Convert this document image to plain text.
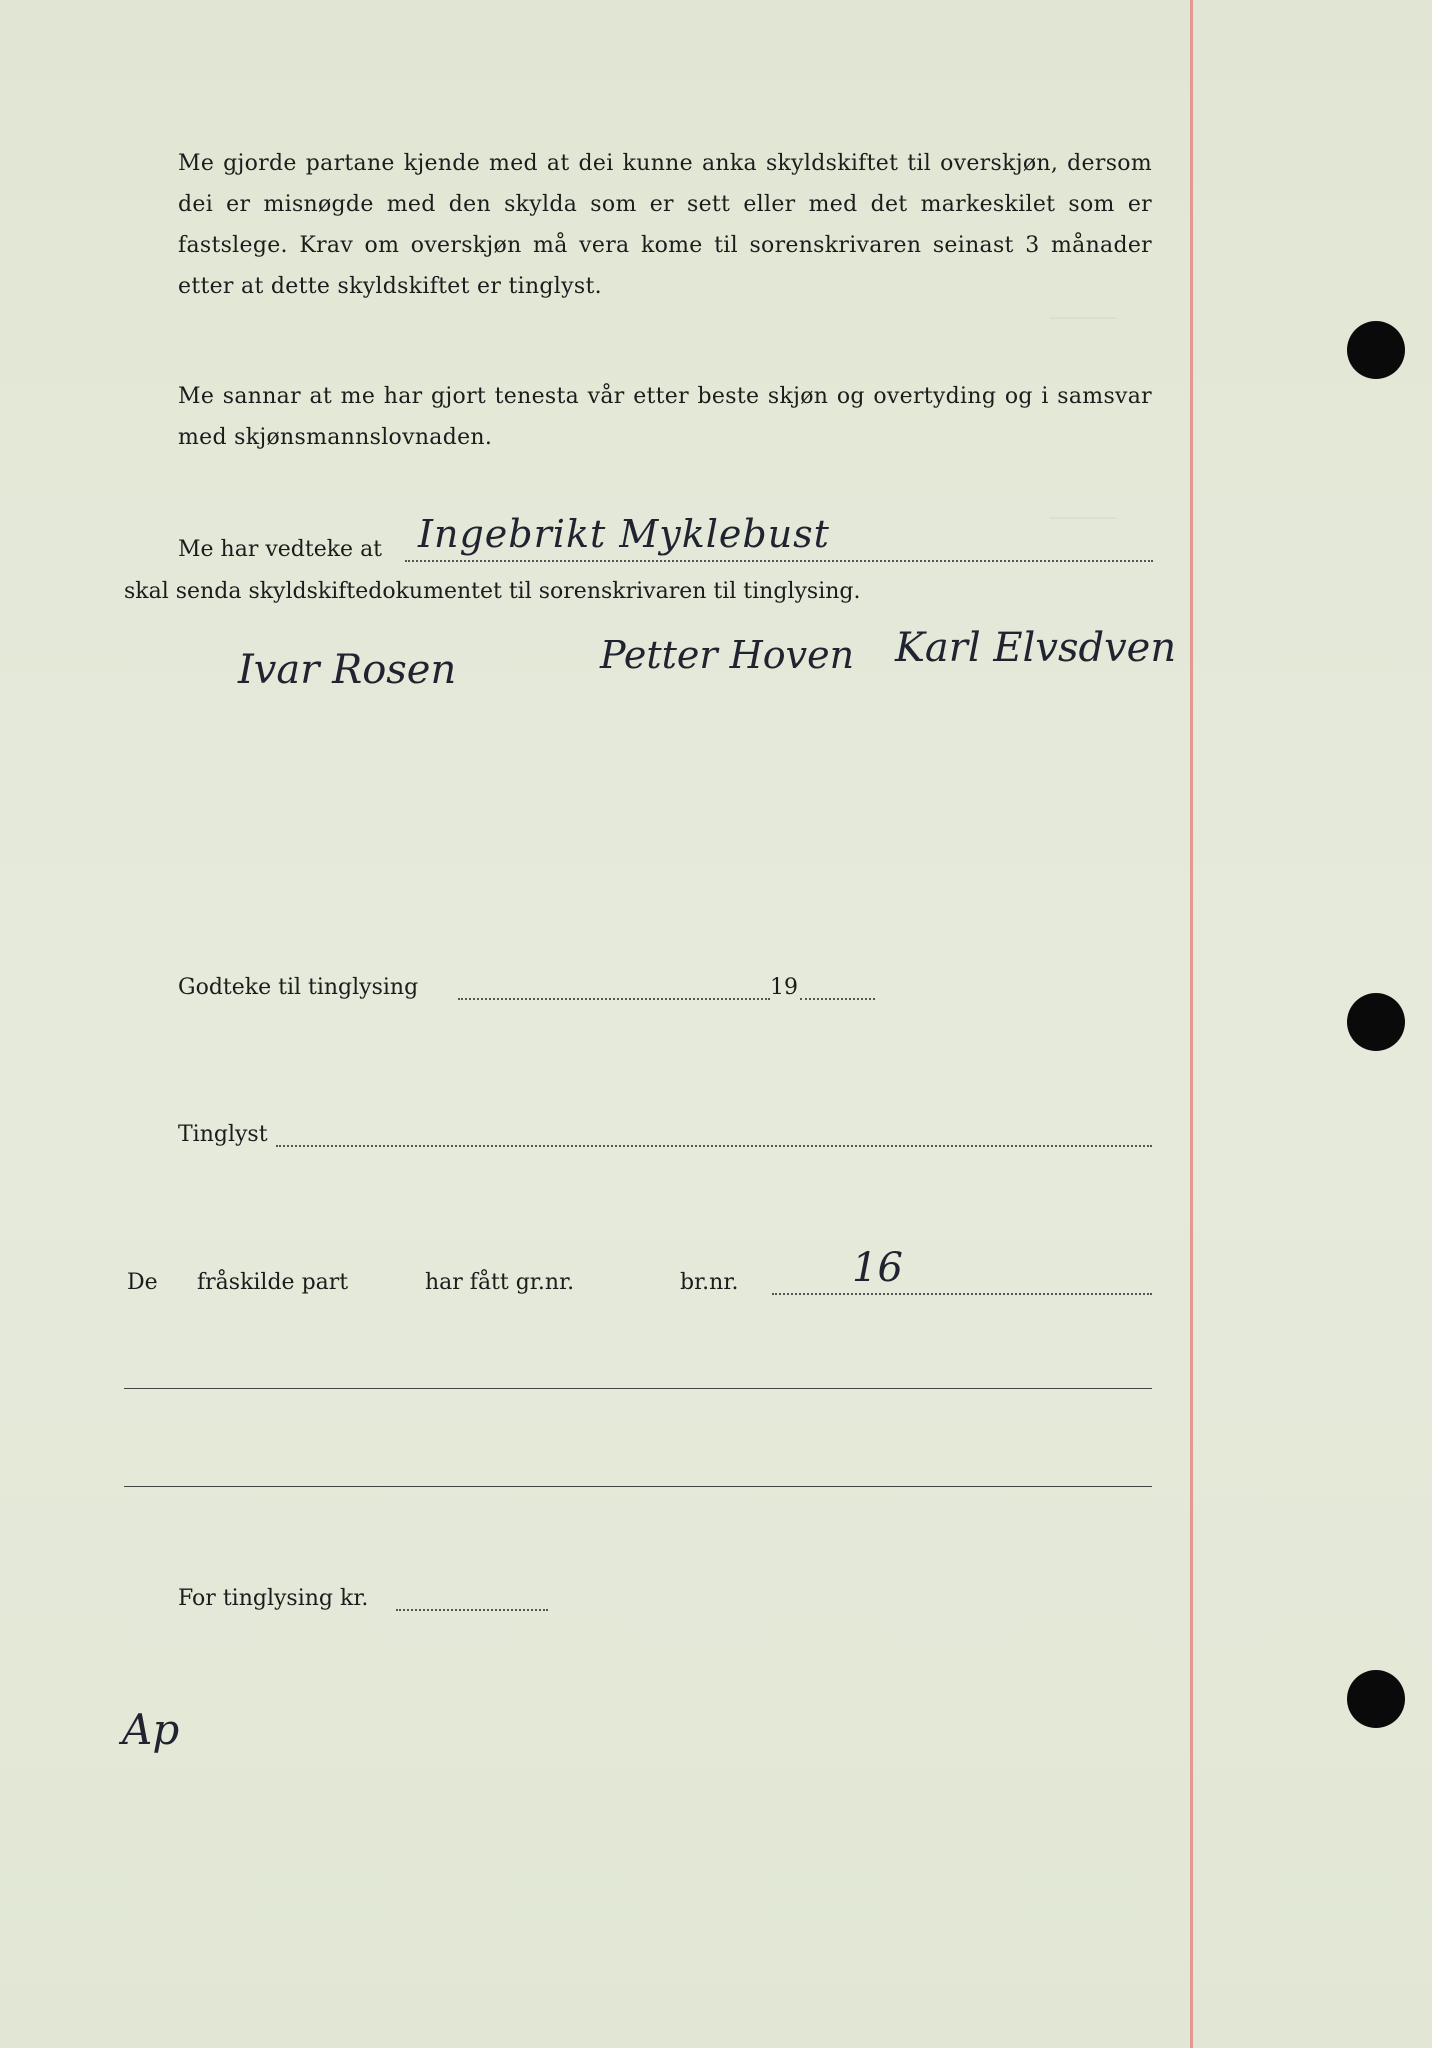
_______
_______
Me gjorde partane kjende med at dei kunne anka skyldskiftet til overskjøn, dersom dei er misnøgde med den skylda som er sett eller med det markeskilet som er fastslege. Krav om overskjøn må vera kome til sorenskrivaren seinast 3 månader etter at dette skyldskiftet er tinglyst.
Me sannar at me har gjort tenesta vår etter beste skjøn og overtyding og i samsvar med skjønsmannslovnaden.
Me har vedteke at Ingebrikt Myklebust
skal senda skyldskiftedokumentet til sorenskrivaren til tinglysing.
Ivar Rosen	Petter Hoven Karl Elvsdven
Godteke til tinglysing	19
Tinglyst
De fråskilde part	har fått gr.nr.	br.nr.	16
For tinglysing kr.
Ap
